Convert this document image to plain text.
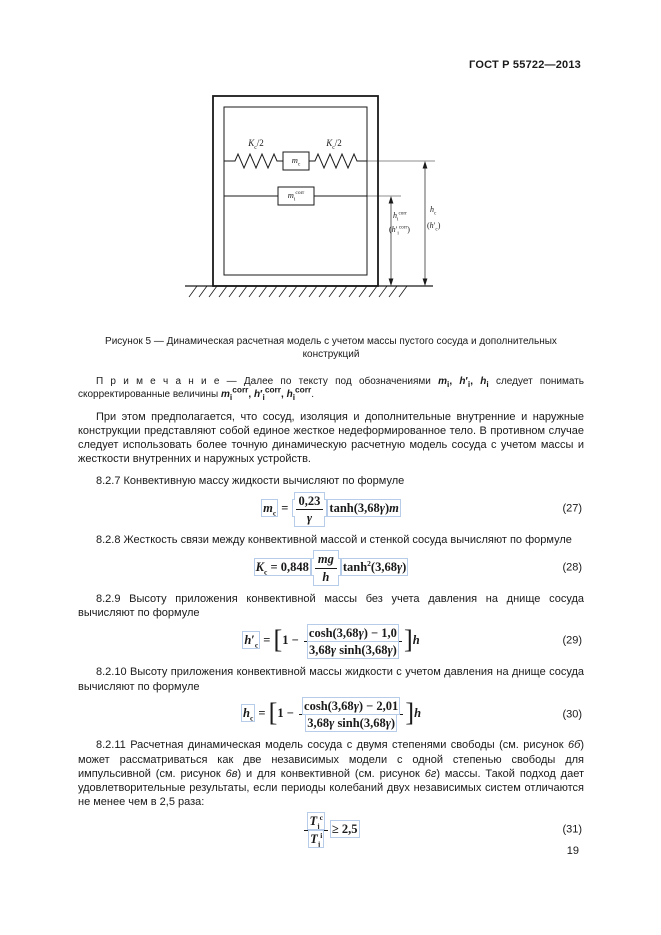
ГОСТ Р 55722—2013
$K_c/2$	$K_c/2$
$m_c$
$m_i^{corr}$
$h_i^{corr}$
$(h'_i^{corr})$
$h_c$
$(h'_c)$
Рисунок 5 — Динамическая расчетная модель с учетом массы пустого сосуда и дополнительных конструкций
П р и м е ч а н и е — Далее по тексту под обозначениями $m_i$, $h'_i$, $h_i$ следует понимать скорректированные величины $m_i^{corr}$, $h'_i^{corr}$, $h_i^{corr}$.
При этом предполагается, что сосуд, изоляция и дополнительные внутренние и наружные конструкции представляют собой единое жесткое недеформированное тело. В противном случае следует использовать более точную динамическую расчетную модель сосуда с учетом массы и жесткости внутренних и наружных устройств.
8.2.7 Конвективную массу жидкости вычисляют по формуле
$m_c = \frac{0,23}{\gamma} \tanh(3,68\gamma)m$	(27)
8.2.8 Жесткость связи между конвективной массой и стенкой сосуда вычисляют по формуле
$K_c = 0,848 \frac{mg}{h} \tanh^2(3,68\gamma)$	(28)
8.2.9 Высоту приложения конвективной массы без учета давления на днище сосуда вычисляют по формуле
$h'_c = [1 - \frac{\cosh(3,68\gamma) - 1,0}{\text{3,68γ sinh(3,68γ)}} ]h$	(29)
8.2.10 Высоту приложения конвективной массы жидкости с учетом давления на днище сосуда вычисляют по формуле
$h_c = [1 - \frac{\cosh(3,68\gamma) - 2,01}{\text{3,68γ sinh(3,68γ)}} ]h$	(30)
8.2.11 Расчетная динамическая модель сосуда с двумя степенями свободы (см. рисунок 6б) может рассматриваться как две независимых модели с одной степенью свободы для импульсивной (см. рисунок 6в) и для конвективной (см. рисунок 6г) массы. Такой подход дает удовлетворительные результаты, если периоды колебаний двух независимых систем отличаются не менее чем в 2,5 раза:
$\frac{T_j^c}{T_j^i} \ge 2,5$	(31)
19
